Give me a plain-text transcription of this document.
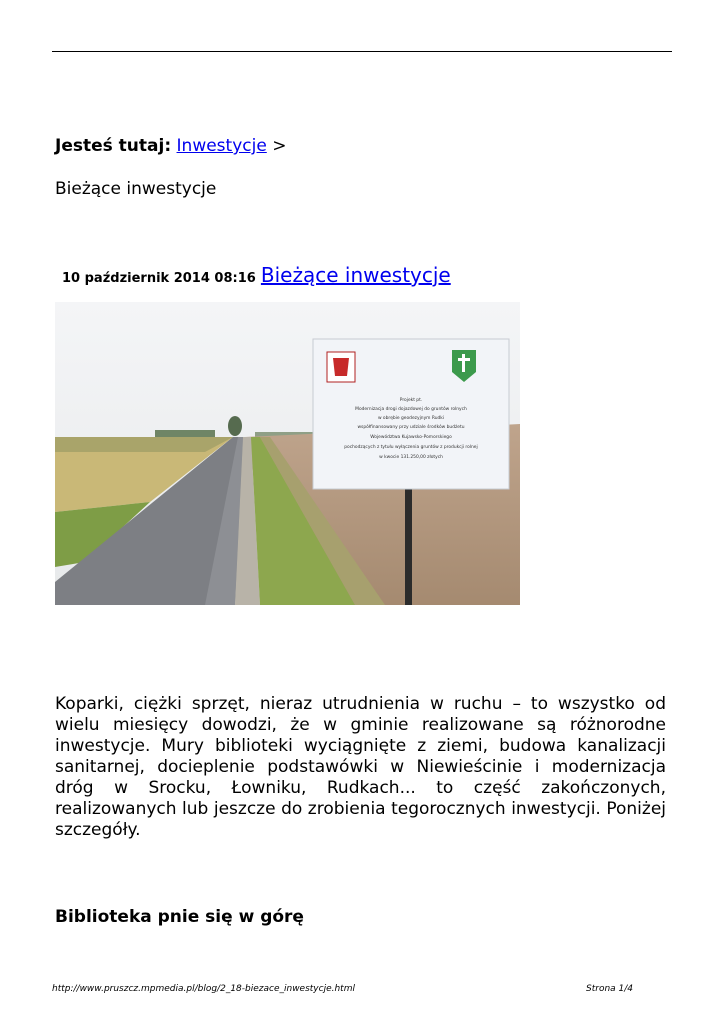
Jesteś tutaj: Inwestycje >
Bieżące inwestycje
10 październik 2014 08:16 Bieżące inwestycje
Projekt pt.
Modernizacja drogi dojazdowej do gruntów rolnych
w obrębie geodezyjnym Rudki
współfinansowany przy udziale środków budżetu
Województwa Kujawsko-Pomorskiego
pochodzących z tytułu wyłączenia gruntów z produkcji rolnej
w kwocie 131.250,00 złotych
Koparki, ciężki sprzęt, nieraz utrudnienia w ruchu – to wszystko od wielu miesięcy dowodzi, że w gminie realizowane są różnorodne inwestycje. Mury biblioteki wyciągnięte z ziemi, budowa kanalizacji sanitarnej, docieplenie podstawówki w Niewieścinie i modernizacja dróg w Srocku, Łowniku, Rudkach... to część zakończonych, realizowanych lub jeszcze do zrobienia tegorocznych inwestycji. Poniżej szczegóły.
Biblioteka pnie się w górę
http://www.pruszcz.mpmedia.pl/blog/2_18-biezace_inwestycje.html	Strona 1/4
